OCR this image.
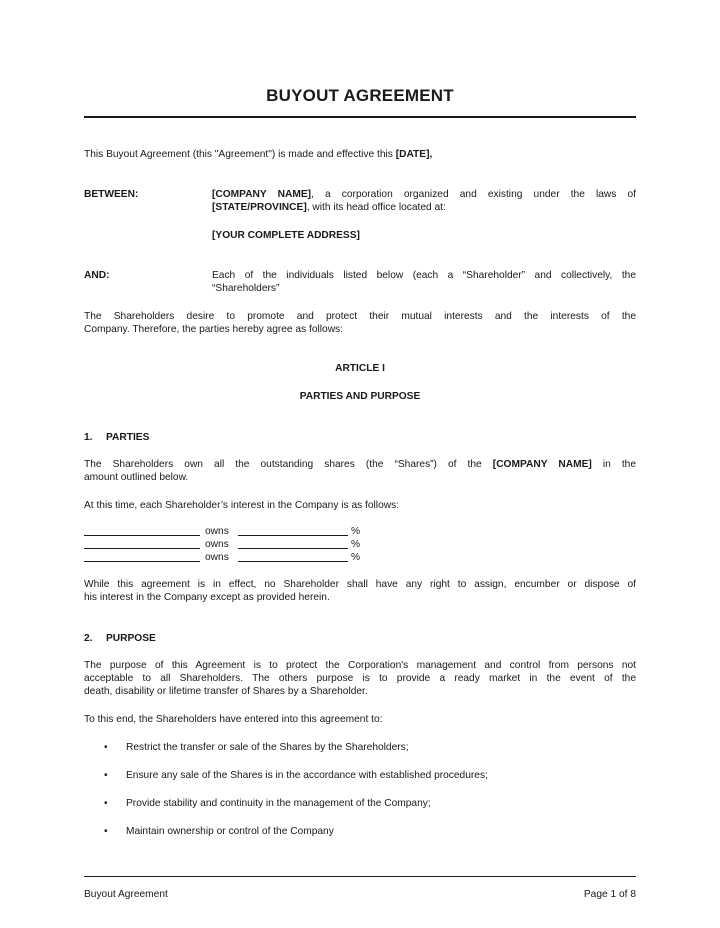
BUYOUT AGREEMENT
This Buyout Agreement (this "Agreement") is made and effective this [DATE],
BETWEEN:	[COMPANY NAME], a corporation organized and existing under the laws of
[STATE/PROVINCE], with its head office located at:
[YOUR COMPLETE ADDRESS]
AND:	Each of the individuals listed below (each a “Shareholder” and collectively, the
“Shareholders”
The Shareholders desire to promote and protect their mutual interests and the interests of the
Company. Therefore, the parties hereby agree as follows:
ARTICLE I
PARTIES AND PURPOSE
1. PARTIES
The Shareholders own all the outstanding shares (the “Shares”) of the [COMPANY NAME] in the
amount outlined below.
At this time, each Shareholder’s interest in the Company is as follows:
owns	%
owns	%
owns	%
While this agreement is in effect, no Shareholder shall have any right to assign, encumber or dispose of
his interest in the Company except as provided herein.
2. PURPOSE
The purpose of this Agreement is to protect the Corporation's management and control from persons not
acceptable to all Shareholders. The others purpose is to provide a ready market in the event of the
death, disability or lifetime transfer of Shares by a Shareholder.
To this end, the Shareholders have entered into this agreement to:
•	Restrict the transfer or sale of the Shares by the Shareholders;
•	Ensure any sale of the Shares is in the accordance with established procedures;
•	Provide stability and continuity in the management of the Company;
•	Maintain ownership or control of the Company
Buyout Agreement	Page 1 of 8
